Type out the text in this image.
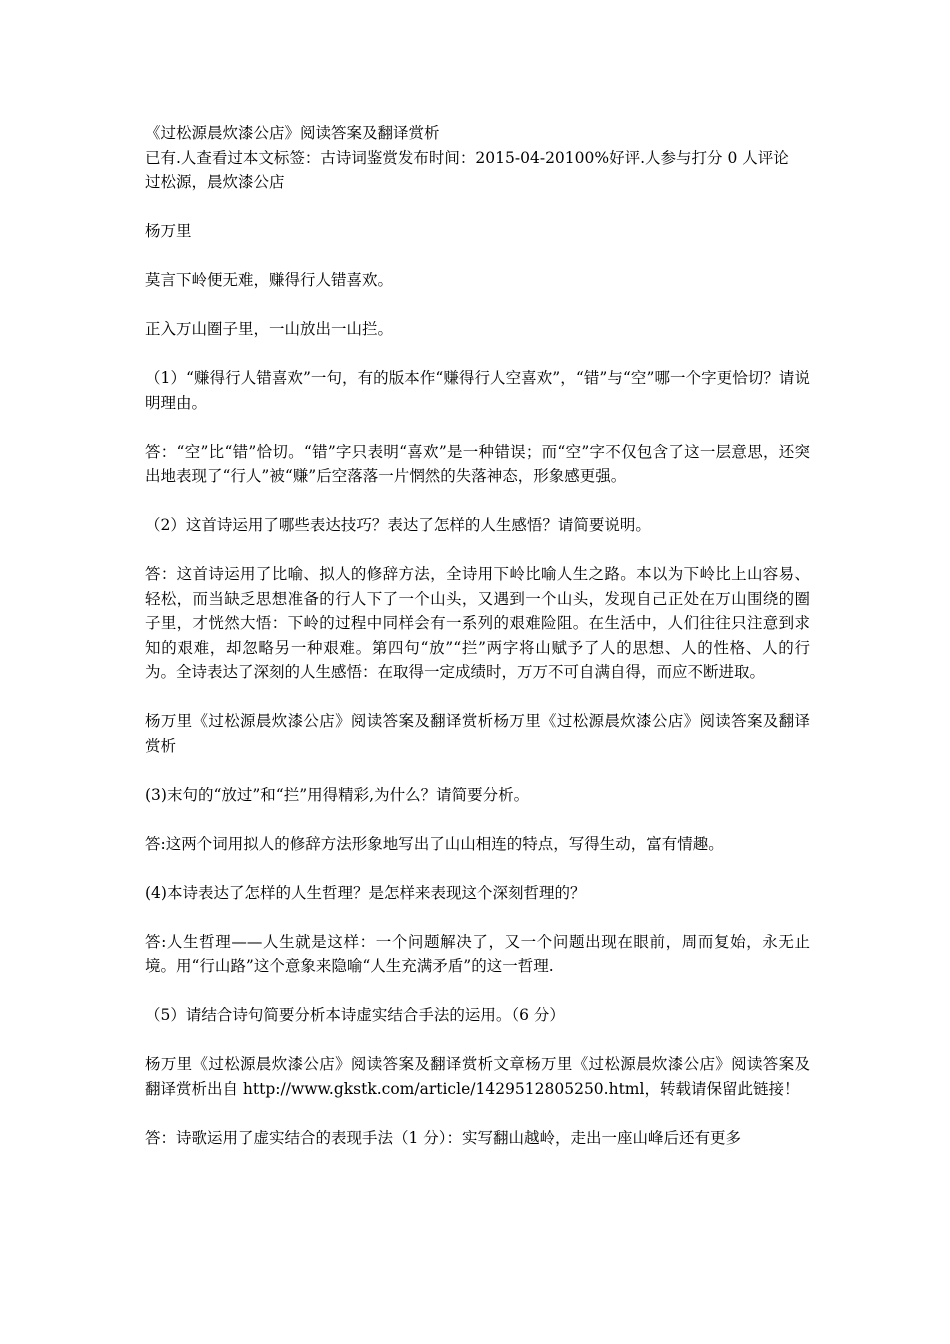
《过松源晨炊漆公店》阅读答案及翻译赏析

已有.人查看过本文标签：古诗词鉴赏发布时间：2015-04-20100%好评.人参与打分 0 人评论

过松源，晨炊漆公店

杨万里

莫言下岭便无难，赚得行人错喜欢。

正入万山圈子里，一山放出一山拦。

（1）“赚得行人错喜欢”一句，有的版本作“赚得行人空喜欢”，“错”与“空”哪一个字更恰切？请说明理由。

答：“空”比“错”恰切。“错”字只表明“喜欢”是一种错误；而“空”字不仅包含了这一层意思，还突出地表现了“行人”被“赚”后空落落一片惘然的失落神态，形象感更强。

（2）这首诗运用了哪些表达技巧？表达了怎样的人生感悟？请简要说明。

答：这首诗运用了比喻、拟人的修辞方法，全诗用下岭比喻人生之路。本以为下岭比上山容易、轻松，而当缺乏思想准备的行人下了一个山头，又遇到一个山头，发现自己正处在万山围绕的圈子里，才恍然大悟：下岭的过程中同样会有一系列的艰难险阻。在生活中，人们往往只注意到求知的艰难，却忽略另一种艰难。第四句“放”“拦”两字将山赋予了人的思想、人的性格、人的行为。全诗表达了深刻的人生感悟：在取得一定成绩时，万万不可自满自得，而应不断进取。

杨万里《过松源晨炊漆公店》阅读答案及翻译赏析杨万里《过松源晨炊漆公店》阅读答案及翻译赏析

(3)末句的“放过”和“拦”用得精彩,为什么？请简要分析。

答:这两个词用拟人的修辞方法形象地写出了山山相连的特点，写得生动，富有情趣。

(4)本诗表达了怎样的人生哲理？是怎样来表现这个深刻哲理的？

答:人生哲理——人生就是这样：一个问题解决了，又一个问题出现在眼前，周而复始，永无止境。用“行山路”这个意象来隐喻“人生充满矛盾”的这一哲理.

（5）请结合诗句简要分析本诗虚实结合手法的运用。（6 分）

杨万里《过松源晨炊漆公店》阅读答案及翻译赏析文章杨万里《过松源晨炊漆公店》阅读答案及翻译赏析出自 http://www.gkstk.com/article/1429512805250.html，转载请保留此链接！

答：诗歌运用了虚实结合的表现手法（1 分）：实写翻山越岭，走出一座山峰后还有更多
